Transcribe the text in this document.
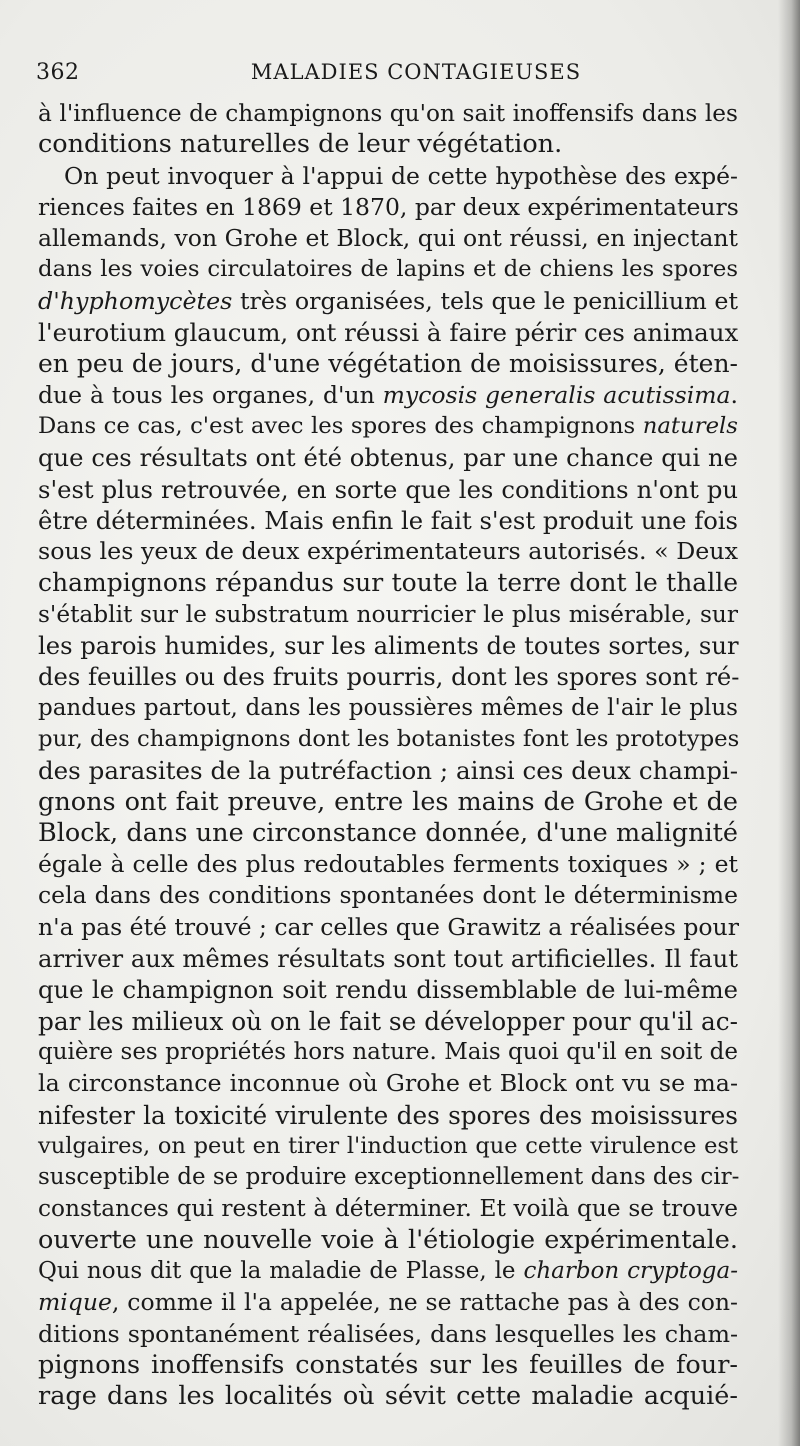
362	MALADIES CONTAGIEUSES
à l'influence de champignons qu'on sait inoffensifs dans les
conditions naturelles de leur végétation.
On peut invoquer à l'appui de cette hypothèse des expé-
riences faites en 1869 et 1870, par deux expérimentateurs
allemands, von Grohe et Block, qui ont réussi, en injectant
dans les voies circulatoires de lapins et de chiens les spores
d'hyphomycètes très organisées, tels que le penicillium et
l'eurotium glaucum, ont réussi à faire périr ces animaux
en peu de jours, d'une végétation de moisissures, éten-
due à tous les organes, d'un mycosis generalis acutissima.
Dans ce cas, c'est avec les spores des champignons naturels
que ces résultats ont été obtenus, par une chance qui ne
s'est plus retrouvée, en sorte que les conditions n'ont pu
être déterminées. Mais enfin le fait s'est produit une fois
sous les yeux de deux expérimentateurs autorisés. « Deux
champignons répandus sur toute la terre dont le thalle
s'établit sur le substratum nourricier le plus misérable, sur
les parois humides, sur les aliments de toutes sortes, sur
des feuilles ou des fruits pourris, dont les spores sont ré-
pandues partout, dans les poussières mêmes de l'air le plus
pur, des champignons dont les botanistes font les prototypes
des parasites de la putréfaction ; ainsi ces deux champi-
gnons ont fait preuve, entre les mains de Grohe et de
Block, dans une circonstance donnée, d'une malignité
égale à celle des plus redoutables ferments toxiques » ; et
cela dans des conditions spontanées dont le déterminisme
n'a pas été trouvé ; car celles que Grawitz a réalisées pour
arriver aux mêmes résultats sont tout artificielles. Il faut
que le champignon soit rendu dissemblable de lui-même
par les milieux où on le fait se développer pour qu'il ac-
quière ses propriétés hors nature. Mais quoi qu'il en soit de
la circonstance inconnue où Grohe et Block ont vu se ma-
nifester la toxicité virulente des spores des moisissures
vulgaires, on peut en tirer l'induction que cette virulence est
susceptible de se produire exceptionnellement dans des cir-
constances qui restent à déterminer. Et voilà que se trouve
ouverte une nouvelle voie à l'étiologie expérimentale.
Qui nous dit que la maladie de Plasse, le charbon cryptoga-
mique, comme il l'a appelée, ne se rattache pas à des con-
ditions spontanément réalisées, dans lesquelles les cham-
pignons inoffensifs constatés sur les feuilles de four-
rage dans les localités où sévit cette maladie acquié-
